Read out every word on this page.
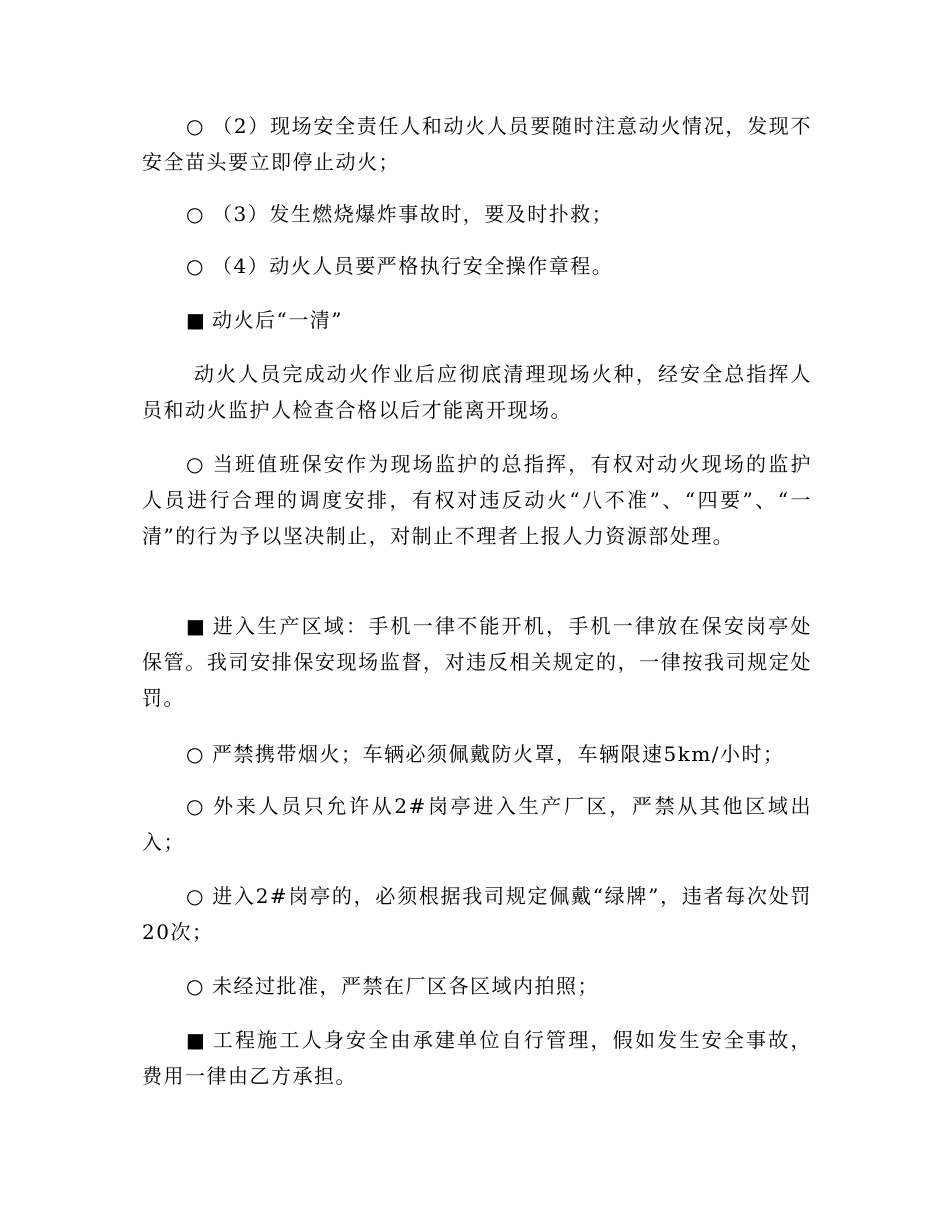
○ （2）现场安全责任人和动火人员要随时注意动火情况，发现不安全苗头要立即停止动火；

○ （3）发生燃烧爆炸事故时，要及时扑救；

○ （4）动火人员要严格执行安全操作章程。

■ 动火后“一清”

动火人员完成动火作业后应彻底清理现场火种，经安全总指挥人员和动火监护人检查合格以后才能离开现场。

○ 当班值班保安作为现场监护的总指挥，有权对动火现场的监护人员进行合理的调度安排，有权对违反动火“八不准”、“四要”、“一清”的行为予以坚决制止，对制止不理者上报人力资源部处理。

■ 进入生产区域：手机一律不能开机，手机一律放在保安岗亭处保管。我司安排保安现场监督，对违反相关规定的，一律按我司规定处罚。

○ 严禁携带烟火；车辆必须佩戴防火罩，车辆限速5km/小时；

○ 外来人员只允许从2#岗亭进入生产厂区，严禁从其他区域出入；

○ 进入2#岗亭的，必须根据我司规定佩戴“绿牌”，违者每次处罚20次；

○ 未经过批准，严禁在厂区各区域内拍照；

■ 工程施工人身安全由承建单位自行管理，假如发生安全事故，费用一律由乙方承担。
